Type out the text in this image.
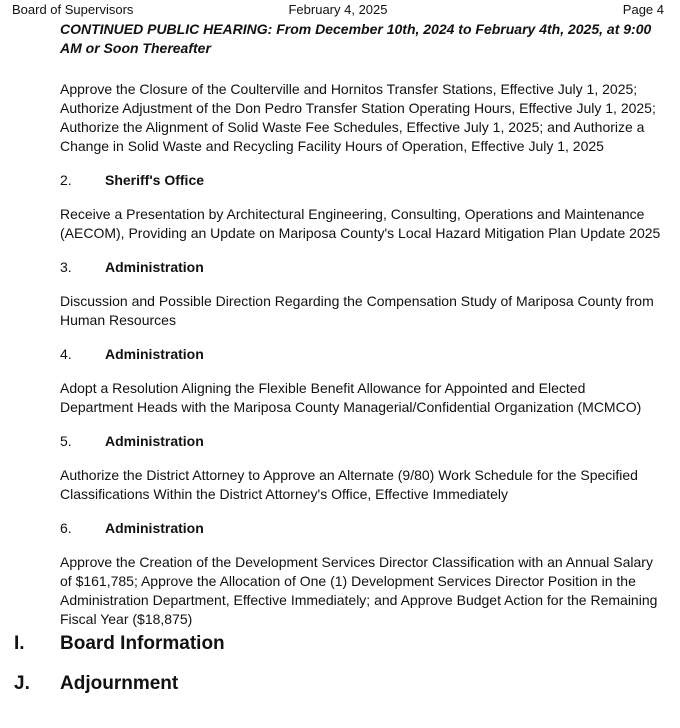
Board of Supervisors	February 4, 2025	Page 4

CONTINUED PUBLIC HEARING: From December 10th, 2024 to February 4th, 2025, at 9:00 AM or Soon Thereafter

Approve the Closure of the Coulterville and Hornitos Transfer Stations, Effective July 1, 2025; Authorize Adjustment of the Don Pedro Transfer Station Operating Hours, Effective July 1, 2025; Authorize the Alignment of Solid Waste Fee Schedules, Effective July 1, 2025; and Authorize a Change in Solid Waste and Recycling Facility Hours of Operation, Effective July 1, 2025

2.	Sheriff's Office

Receive a Presentation by Architectural Engineering, Consulting, Operations and Maintenance (AECOM), Providing an Update on Mariposa County's Local Hazard Mitigation Plan Update 2025

3.	Administration

Discussion and Possible Direction Regarding the Compensation Study of Mariposa County from Human Resources

4.	Administration

Adopt a Resolution Aligning the Flexible Benefit Allowance for Appointed and Elected Department Heads with the Mariposa County Managerial/Confidential Organization (MCMCO)

5.	Administration

Authorize the District Attorney to Approve an Alternate (9/80) Work Schedule for the Specified Classifications Within the District Attorney's Office, Effective Immediately

6.	Administration

Approve the Creation of the Development Services Director Classification with an Annual Salary of $161,785; Approve the Allocation of One (1) Development Services Director Position in the Administration Department, Effective Immediately; and Approve Budget Action for the Remaining Fiscal Year ($18,875)

I.	Board Information
J.	Adjournment
